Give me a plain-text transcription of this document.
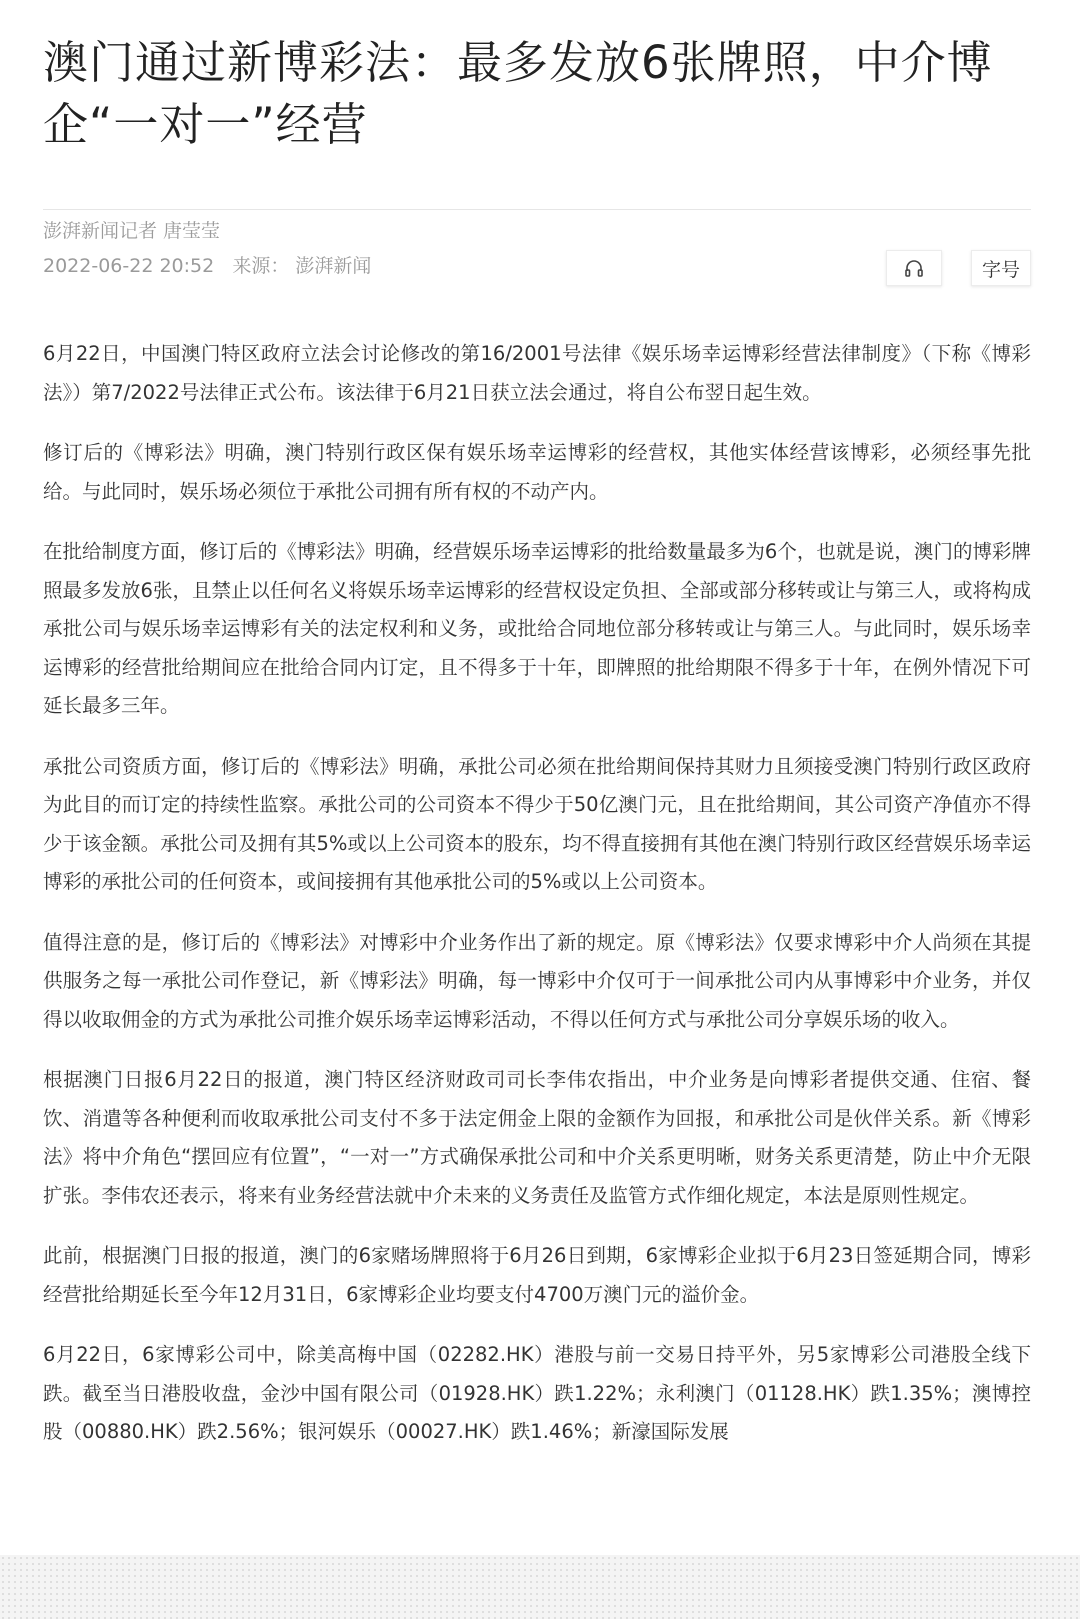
澳门通过新博彩法：最多发放6张牌照，中介博企“一对一”经营
澎湃新闻记者 唐莹莹
2022-06-22 20:52 来源： 澎湃新闻	字号

6月22日，中国澳门特区政府立法会讨论修改的第16/2001号法律《娱乐场幸运博彩经营法律制度》（下称《博彩法》）第7/2022号法律正式公布。该法律于6月21日获立法会通过，将自公布翌日起生效。

修订后的《博彩法》明确，澳门特别行政区保有娱乐场幸运博彩的经营权，其他实体经营该博彩，必须经事先批给。与此同时，娱乐场必须位于承批公司拥有所有权的不动产内。

在批给制度方面，修订后的《博彩法》明确，经营娱乐场幸运博彩的批给数量最多为6个，也就是说，澳门的博彩牌照最多发放6张，且禁止以任何名义将娱乐场幸运博彩的经营权设定负担、全部或部分移转或让与第三人，或将构成承批公司与娱乐场幸运博彩有关的法定权利和义务，或批给合同地位部分移转或让与第三人。与此同时，娱乐场幸运博彩的经营批给期间应在批给合同内订定，且不得多于十年，即牌照的批给期限不得多于十年，在例外情况下可延长最多三年。

承批公司资质方面，修订后的《博彩法》明确，承批公司必须在批给期间保持其财力且须接受澳门特别行政区政府为此目的而订定的持续性监察。承批公司的公司资本不得少于50亿澳门元，且在批给期间，其公司资产净值亦不得少于该金额。承批公司及拥有其5%或以上公司资本的股东，均不得直接拥有其他在澳门特别行政区经营娱乐场幸运博彩的承批公司的任何资本，或间接拥有其他承批公司的5%或以上公司资本。

值得注意的是，修订后的《博彩法》对博彩中介业务作出了新的规定。原《博彩法》仅要求博彩中介人尚须在其提供服务之每一承批公司作登记，新《博彩法》明确，每一博彩中介仅可于一间承批公司内从事博彩中介业务，并仅得以收取佣金的方式为承批公司推介娱乐场幸运博彩活动，不得以任何方式与承批公司分享娱乐场的收入。

根据澳门日报6月22日的报道，澳门特区经济财政司司长李伟农指出，中介业务是向博彩者提供交通、住宿、餐饮、消遣等各种便利而收取承批公司支付不多于法定佣金上限的金额作为回报，和承批公司是伙伴关系。新《博彩法》将中介角色“摆回应有位置”，“一对一”方式确保承批公司和中介关系更明晰，财务关系更清楚，防止中介无限扩张。李伟农还表示，将来有业务经营法就中介未来的义务责任及监管方式作细化规定，本法是原则性规定。

此前，根据澳门日报的报道，澳门的6家赌场牌照将于6月26日到期，6家博彩企业拟于6月23日签延期合同，博彩经营批给期延长至今年12月31日，6家博彩企业均要支付4700万澳门元的溢价金。

6月22日，6家博彩公司中，除美高梅中国（02282.HK）港股与前一交易日持平外，另5家博彩公司港股全线下跌。截至当日港股收盘，金沙中国有限公司（01928.HK）跌1.22%；永利澳门（01128.HK）跌1.35%；澳博控股（00880.HK）跌2.56%；银河娱乐（00027.HK）跌1.46%；新濠国际发展
